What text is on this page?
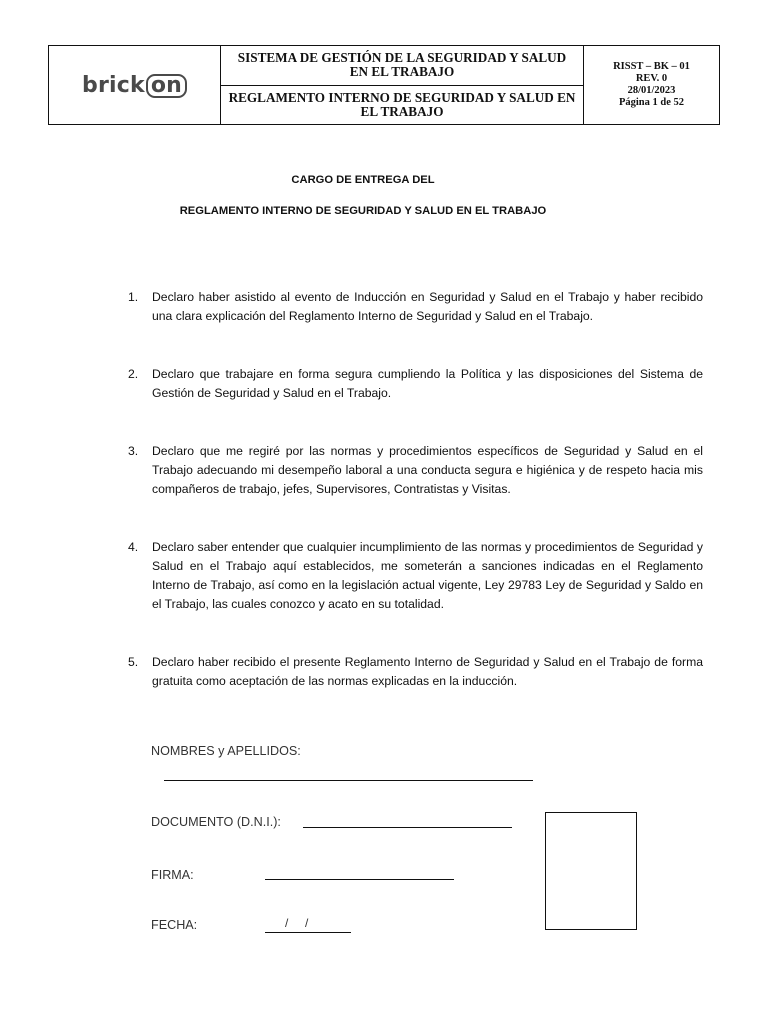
brick on
SISTEMA DE GESTIÓN DE LA SEGURIDAD Y SALUD EN EL TRABAJO
REGLAMENTO INTERNO DE SEGURIDAD Y SALUD EN EL TRABAJO
RISST – BK – 01
REV. 0
28/01/2023
Página 1 de 52
CARGO DE ENTREGA DEL
REGLAMENTO INTERNO DE SEGURIDAD Y SALUD EN EL TRABAJO
1. Declaro haber asistido al evento de Inducción en Seguridad y Salud en el Trabajo y haber recibido una clara explicación del Reglamento Interno de Seguridad y Salud en el Trabajo.
2. Declaro que trabajare en forma segura cumpliendo la Política y las disposiciones del Sistema de Gestión de Seguridad y Salud en el Trabajo.
3. Declaro que me regiré por las normas y procedimientos específicos de Seguridad y Salud en el Trabajo adecuando mi desempeño laboral a una conducta segura e higiénica y de respeto hacia mis compañeros de trabajo, jefes, Supervisores, Contratistas y Visitas.
4. Declaro saber entender que cualquier incumplimiento de las normas y procedimientos de Seguridad y Salud en el Trabajo aquí establecidos, me someterán a sanciones indicadas en el Reglamento Interno de Trabajo, así como en la legislación actual vigente, Ley 29783 Ley de Seguridad y Saldo en el Trabajo, las cuales conozco y acato en su totalidad.
5. Declaro haber recibido el presente Reglamento Interno de Seguridad y Salud en el Trabajo de forma gratuita como aceptación de las normas explicadas en la inducción.
NOMBRES y APELLIDOS:
DOCUMENTO (D.N.I.):
FIRMA:
FECHA:	/     /
